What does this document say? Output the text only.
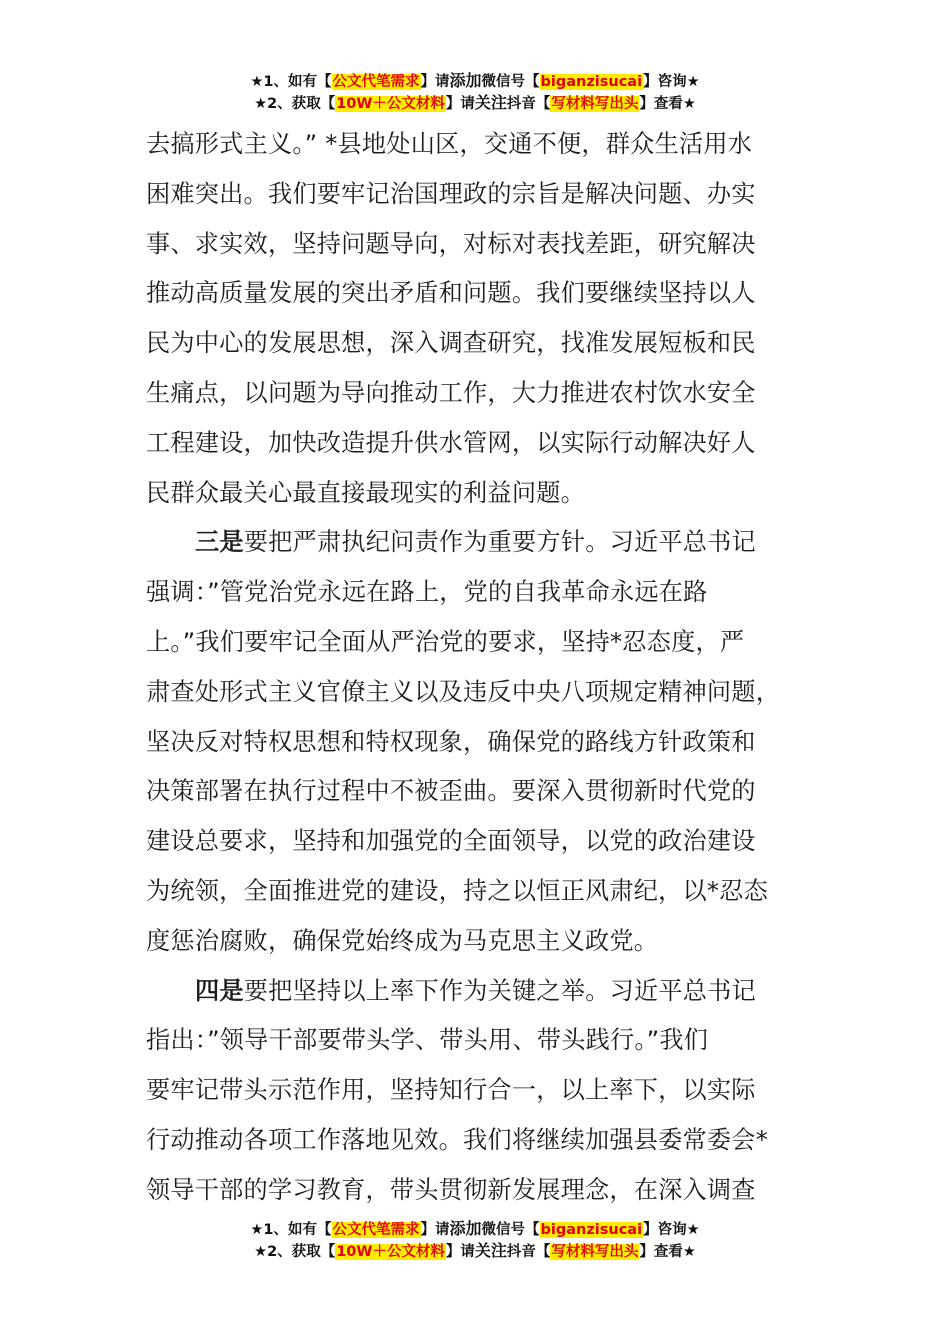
★1、如有【公文代笔需求】请添加微信号【biganzisucai】咨询★
★2、获取【10W＋公文材料】请关注抖音【写材料写出头】查看★
去搞形式主义。” *县地处山区，交通不便，群众生活用水
困难突出。我们要牢记治国理政的宗旨是解决问题、办实
事、求实效，坚持问题导向，对标对表找差距，研究解决
推动高质量发展的突出矛盾和问题。我们要继续坚持以人
民为中心的发展思想，深入调查研究，找准发展短板和民
生痛点，以问题为导向推动工作，大力推进农村饮水安全
工程建设，加快改造提升供水管网，以实际行动解决好人
民群众最关心最直接最现实的利益问题。
三是要把严肃执纪问责作为重要方针。习近平总书记
强调：”管党治党永远在路上，党的自我革命永远在路
上。”我们要牢记全面从严治党的要求，坚持*忍态度，严
肃查处形式主义官僚主义以及违反中央八项规定精神问题，
坚决反对特权思想和特权现象，确保党的路线方针政策和
决策部署在执行过程中不被歪曲。要深入贯彻新时代党的
建设总要求，坚持和加强党的全面领导，以党的政治建设
为统领，全面推进党的建设，持之以恒正风肃纪，以*忍态
度惩治腐败，确保党始终成为马克思主义政党。
四是要把坚持以上率下作为关键之举。习近平总书记
指出：”领导干部要带头学、带头用、带头践行。”我们
要牢记带头示范作用，坚持知行合一，以上率下，以实际
行动推动各项工作落地见效。我们将继续加强县委常委会*
领导干部的学习教育，带头贯彻新发展理念，在深入调查
★1、如有【公文代笔需求】请添加微信号【biganzisucai】咨询★
★2、获取【10W＋公文材料】请关注抖音【写材料写出头】查看★
